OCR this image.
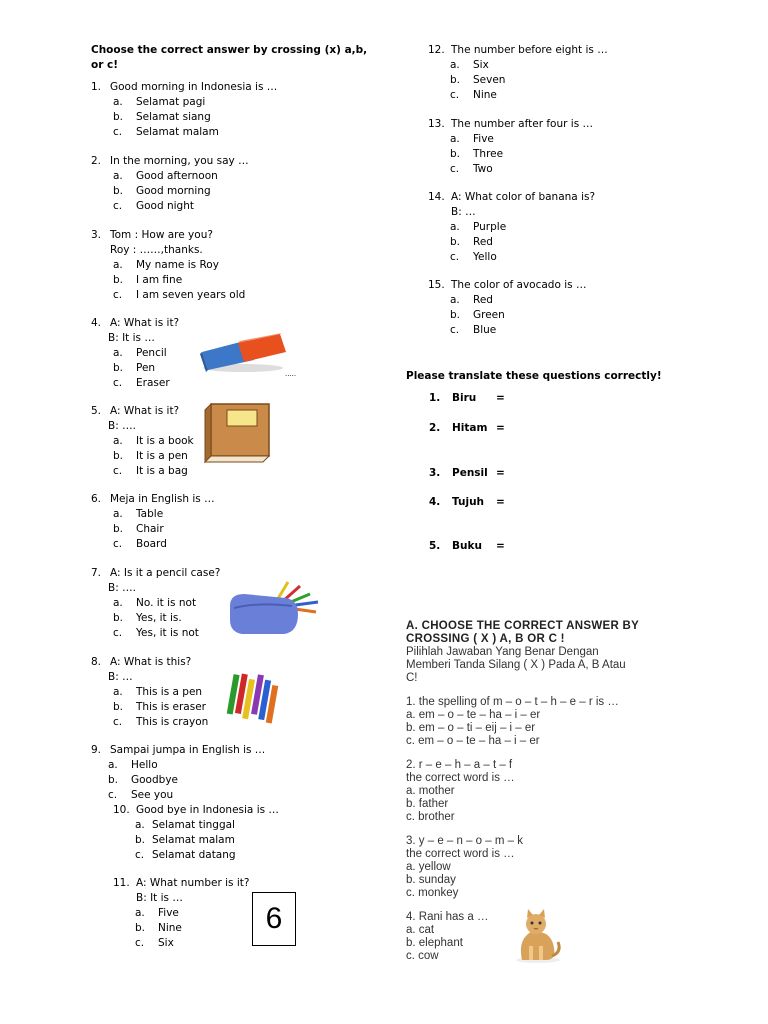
Choose the correct answer by crossing (x) a,b,
or c!
1. Good morning in Indonesia is …
a. Selamat pagi
b. Selamat siang
c. Selamat malam
2. In the morning, you say …
a. Good afternoon
b. Good morning
c. Good night
3. Tom : How are you?
Roy : ……,thanks.
a. My name is Roy
b. I am fine
c. I am seven years old
4. A: What is it?
B: It is …
a. Pencil
b. Pen
c. Eraser
.....
5. A: What is it?
B: ….
a. It is a book
b. It is a pen
c. It is a bag
6. Meja in English is …
a. Table
b. Chair
c. Board
7. A: Is it a pencil case?
B: ….
a. No. it is not
b. Yes, it is.
c. Yes, it is not
8. A: What is this?
B: …
a. This is a pen
b. This is eraser
c. This is crayon
9. Sampai jumpa in English is …
a. Hello
b. Goodbye
c. See you
10. Good bye in Indonesia is …
a. Selamat tinggal
b. Selamat malam
c. Selamat datang
11. A: What number is it?
B: It is …
a. Five
b. Nine
c. Six
6
12. The number before eight is …
a. Six
b. Seven
c. Nine
13. The number after four is …
a. Five
b. Three
c. Two
14. A: What color of banana is?
B: …
a. Purple
b. Red
c. Yello
15. The color of avocado is …
a. Red
b. Green
c. Blue
Please translate these questions correctly!
1. Biru =
2. Hitam =
3. Pensil =
4. Tujuh =
5. Buku =
A. CHOOSE THE CORRECT ANSWER BY
CROSSING ( X ) A, B OR C !
Pilihlah Jawaban Yang Benar Dengan
Memberi Tanda Silang ( X ) Pada A, B Atau
C!
1. the spelling of m – o – t – h – e – r is …
a. em – o – te – ha – i – er
b. em – o – ti – eij – i – er
c. em – o – te – ha – i – er
2. r – e – h – a – t – f
the correct word is …
a. mother
b. father
c. brother
3. y – e – n – o – m – k
the correct word is …
a. yellow
b. sunday
c. monkey
4. Rani has a …
a. cat
b. elephant
c. cow
